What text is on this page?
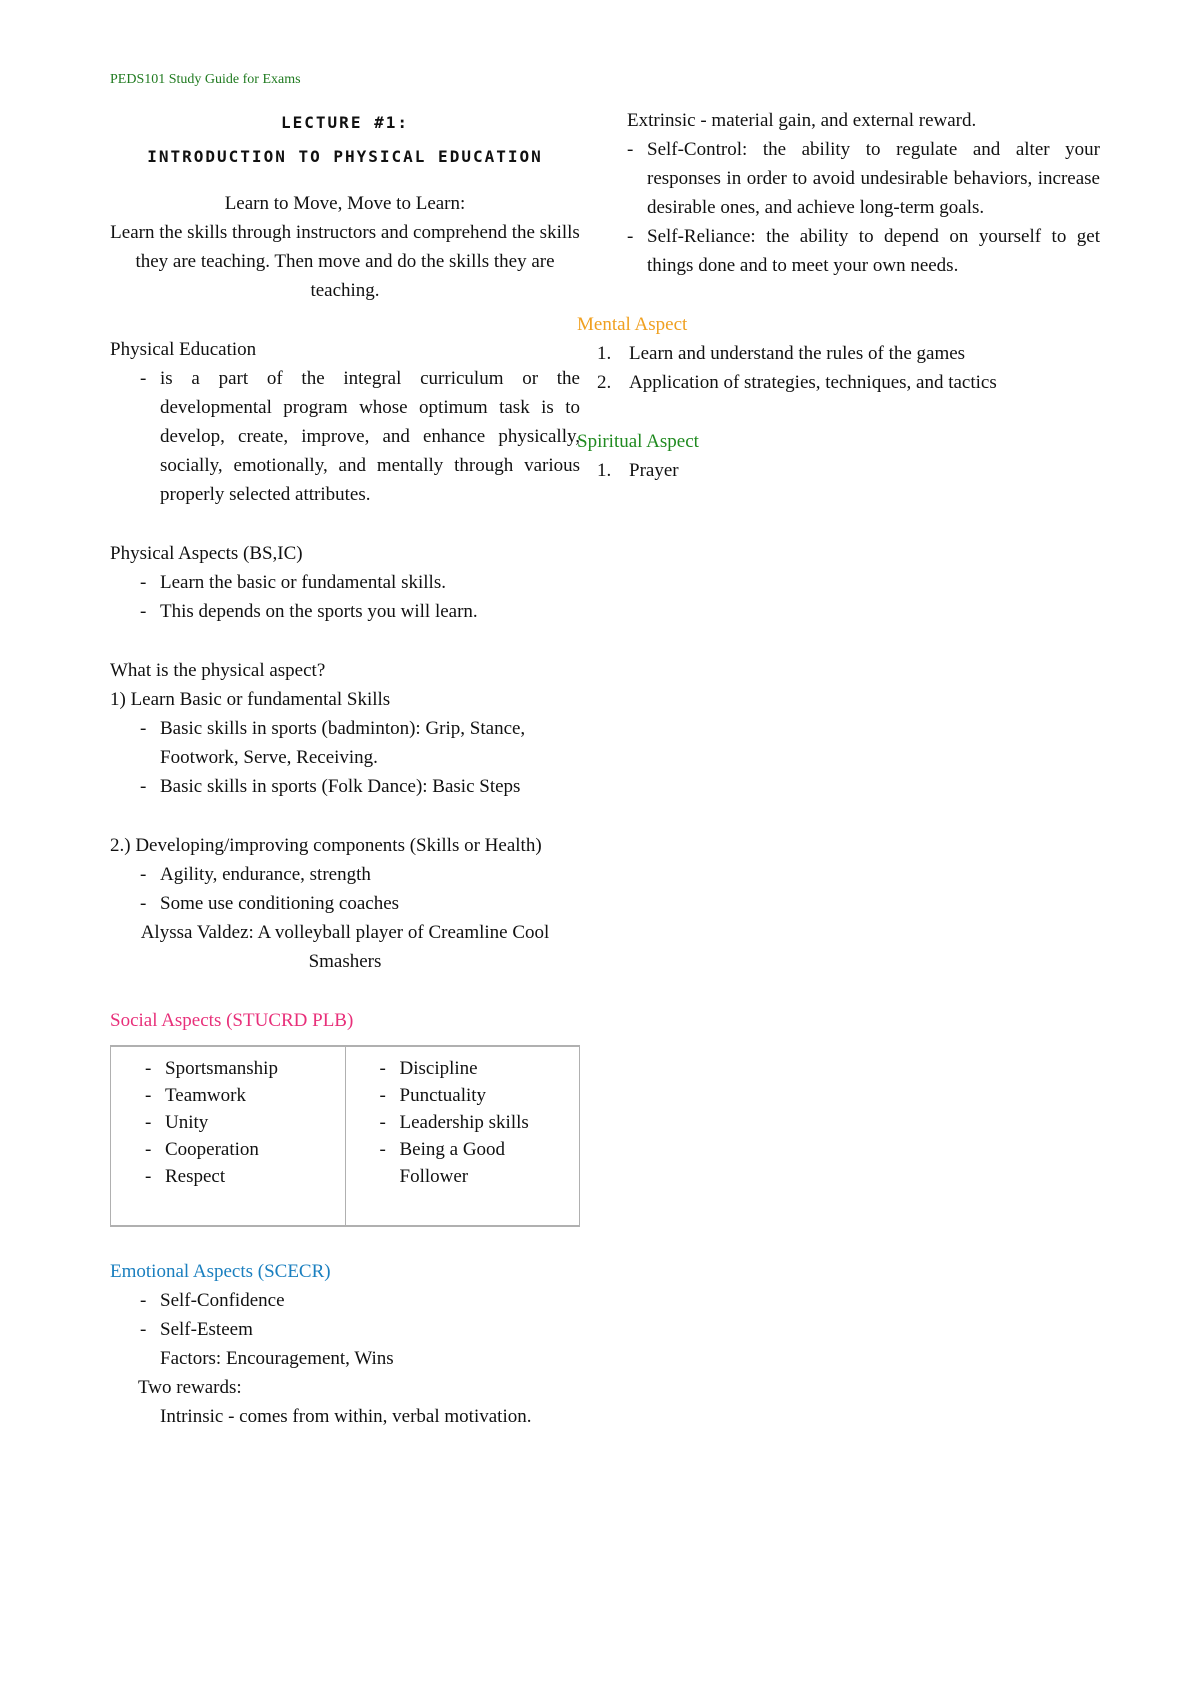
PEDS101 Study Guide for Exams
LECTURE #1:
INTRODUCTION TO PHYSICAL EDUCATION
Learn to Move, Move to Learn:
Learn the skills through instructors and comprehend the skills they are teaching. Then move and do the skills they are teaching.
Physical Education
- is a part of the integral curriculum or the developmental program whose optimum task is to develop, create, improve, and enhance physically, socially, emotionally, and mentally through various properly selected attributes.
Physical Aspects (BS,IC)
- Learn the basic or fundamental skills.
- This depends on the sports you will learn.
What is the physical aspect?
1) Learn Basic or fundamental Skills
- Basic skills in sports (badminton): Grip, Stance, Footwork, Serve, Receiving.
- Basic skills in sports (Folk Dance): Basic Steps
2.) Developing/improving components (Skills or Health)
- Agility, endurance, strength
- Some use conditioning coaches
Alyssa Valdez: A volleyball player of Creamline Cool Smashers
Social Aspects (STUCRD PLB)
- Sportsmanship
- Teamwork
- Unity
- Cooperation
- Respect

- Discipline
- Punctuality
- Leadership skills
- Being a Good Follower
Emotional Aspects (SCECR)
- Self-Confidence
- Self-Esteem
Factors: Encouragement, Wins
Two rewards:
Intrinsic - comes from within, verbal motivation.
Extrinsic - material gain, and external reward.
- Self-Control: the ability to regulate and alter your responses in order to avoid undesirable behaviors, increase desirable ones, and achieve long-term goals.
- Self-Reliance: the ability to depend on yourself to get things done and to meet your own needs.
Mental Aspect
1. Learn and understand the rules of the games
2. Application of strategies, techniques, and tactics
Spiritual Aspect
1. Prayer
